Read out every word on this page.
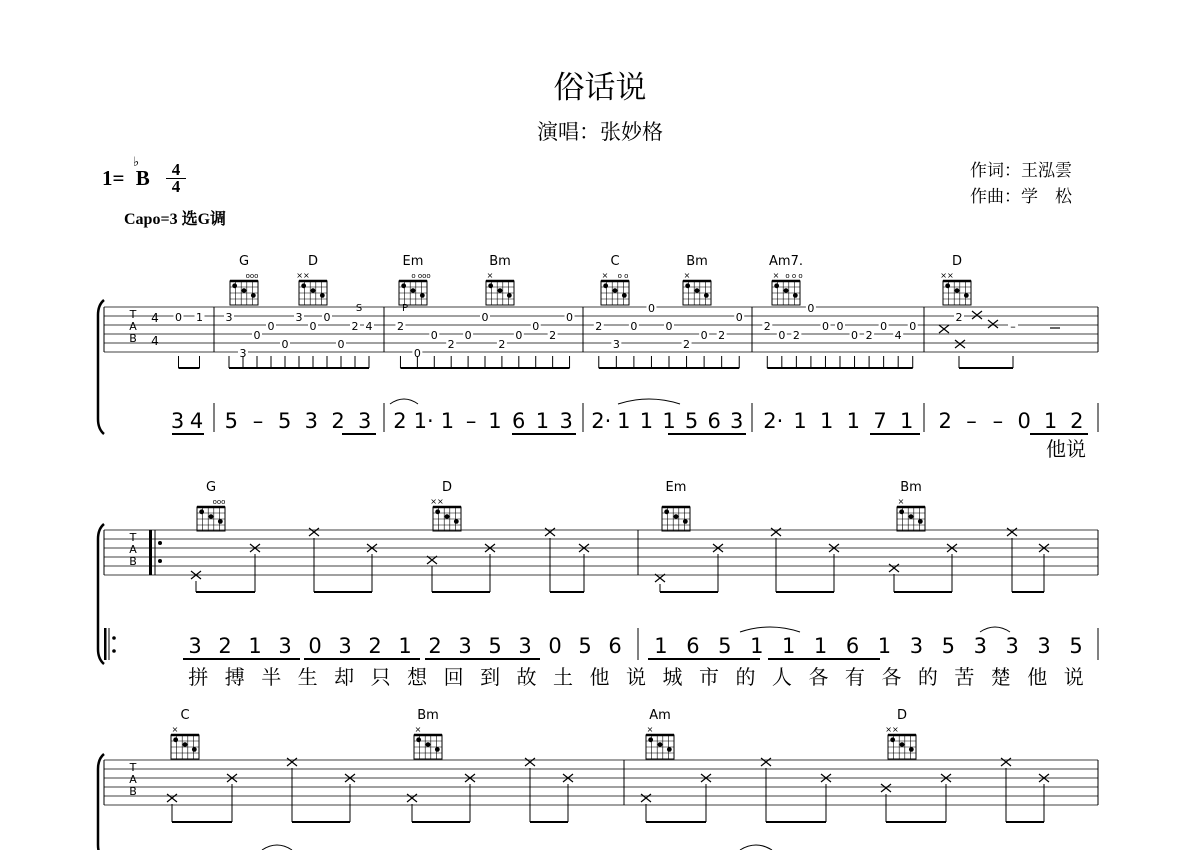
俗话说
演唱：张妙格
1=
♭
B	4
4
Capo=3 选G调
作词：王泓雲
作曲：学　松
T
A
B
4
4
G
ooo
D
××
Em
o ooo
Bm
×
C
× o o
Bm
×
Am7.
× o o o
D
××
0 1 3
3
0
0
0
3
0
0
0
2 4 2
0
0
2
0
0
2
0
0
2
0
2
3
0
0
0
2
0 2
0
2
0 2
0
0 0
0 2
0
4
0
2
–
S	P
3 4 5 – 5 3 2 3 2 1· 1 – 1 6 1 3 2· 1 1 1 5 6 3 2· 1 1 1 7 1 2 – – 0 1 2
他说
T
A
B
G
ooo
D
××
Em	Bm
×
3 2 1 3 0 3 2 1 2 3 5 3 0 5 6 1 6 5 1 1 1 6 1 3 5 3 3 3 5
拼 搏 半 生 却 只 想 回 到 故 土 他 说 城 市 的 人 各 有 各 的 苦 楚 他 说
T
A
B
C
×
Bm
×
Am
×
D
××
